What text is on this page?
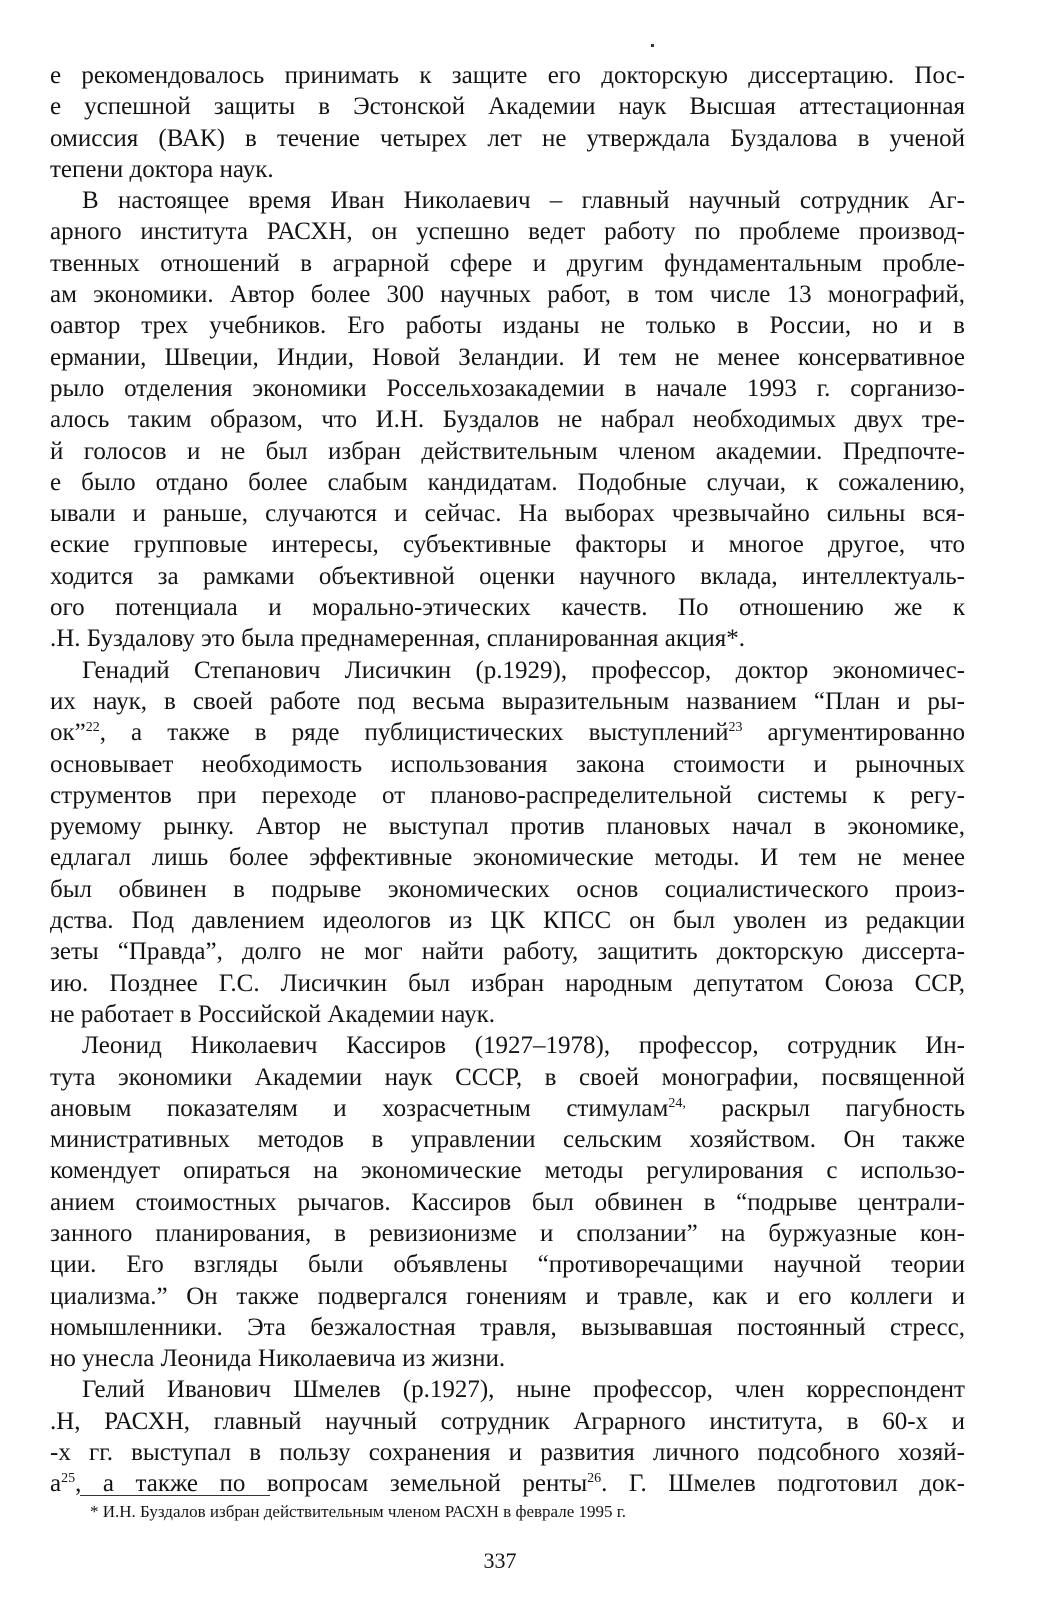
е рекомендовалось принимать к защите его докторскую диссертацию. Пос-
е успешной защиты в Эстонской Академии наук Высшая аттестационная
омиссия (ВАК) в течение четырех лет не утверждала Буздалова в ученой
тепени доктора наук.
В настоящее время Иван Николаевич – главный научный сотрудник Аг-
арного института РАСХН, он успешно ведет работу по проблеме производ-
твенных отношений в аграрной сфере и другим фундаментальным пробле-
ам экономики. Автор более 300 научных работ, в том числе 13 монографий,
оавтор трех учебников. Его работы изданы не только в России, но и в
ермании, Швеции, Индии, Новой Зеландии. И тем не менее консервативное
рыло отделения экономики Россельхозакадемии в начале 1993 г. сорганизо-
алось таким образом, что И.Н. Буздалов не набрал необходимых двух тре-
й голосов и не был избран действительным членом академии. Предпочте-
е было отдано более слабым кандидатам. Подобные случаи, к сожалению,
ывали и раньше, случаются и сейчас. На выборах чрезвычайно сильны вся-
еские групповые интересы, субъективные факторы и многое другое, что
ходится за рамками объективной оценки научного вклада, интеллектуаль-
ого потенциала и морально-этических качеств. По отношению же к
.Н. Буздалову это была преднамеренная, спланированная акция*.
Генадий Степанович Лисичкин (р.1929), профессор, доктор экономичес-
их наук, в своей работе под весьма выразительным названием “План и ры-
ок”$^{22}$, а также в ряде публицистических выступлений$^{23}$ аргументированно
основывает необходимость использования закона стоимости и рыночных
струментов при переходе от планово-распределительной системы к регу-
руемому рынку. Автор не выступал против плановых начал в экономике,
едлагал лишь более эффективные экономические методы. И тем не менее
был обвинен в подрыве экономических основ социалистического произ-
дства. Под давлением идеологов из ЦК КПСС он был уволен из редакции
зеты “Правда”, долго не мог найти работу, защитить докторскую диссерта-
ию. Позднее Г.С. Лисичкин был избран народным депутатом Союза ССР,
не работает в Российской Академии наук.
Леонид Николаевич Кассиров (1927–1978), профессор, сотрудник Ин-
тута экономики Академии наук СССР, в своей монографии, посвященной
ановым показателям и хозрасчетным стимулам$^{24,}$ раскрыл пагубность
министративных методов в управлении сельским хозяйством. Он также
комендует опираться на экономические методы регулирования с использо-
анием стоимостных рычагов. Кассиров был обвинен в “подрыве централи-
занного планирования, в ревизионизме и сползании” на буржуазные кон-
ции. Его взгляды были объявлены “противоречащими научной теории
циализма.” Он также подвергался гонениям и травле, как и его коллеги и
номышленники. Эта безжалостная травля, вызывавшая постоянный стресс,
но унесла Леонида Николаевича из жизни.
Гелий Иванович Шмелев (р.1927), ныне профессор, член корреспондент
.Н, РАСХН, главный научный сотрудник Аграрного института, в 60-х и
-х гг. выступал в пользу сохранения и развития личного подсобного хозяй-
$а^{25}$, а также по вопросам земельной ренты$^{26}$. Г. Шмелев подготовил док-
* И.Н. Буздалов избран действительным членом РАСХН в феврале 1995 г.
337
